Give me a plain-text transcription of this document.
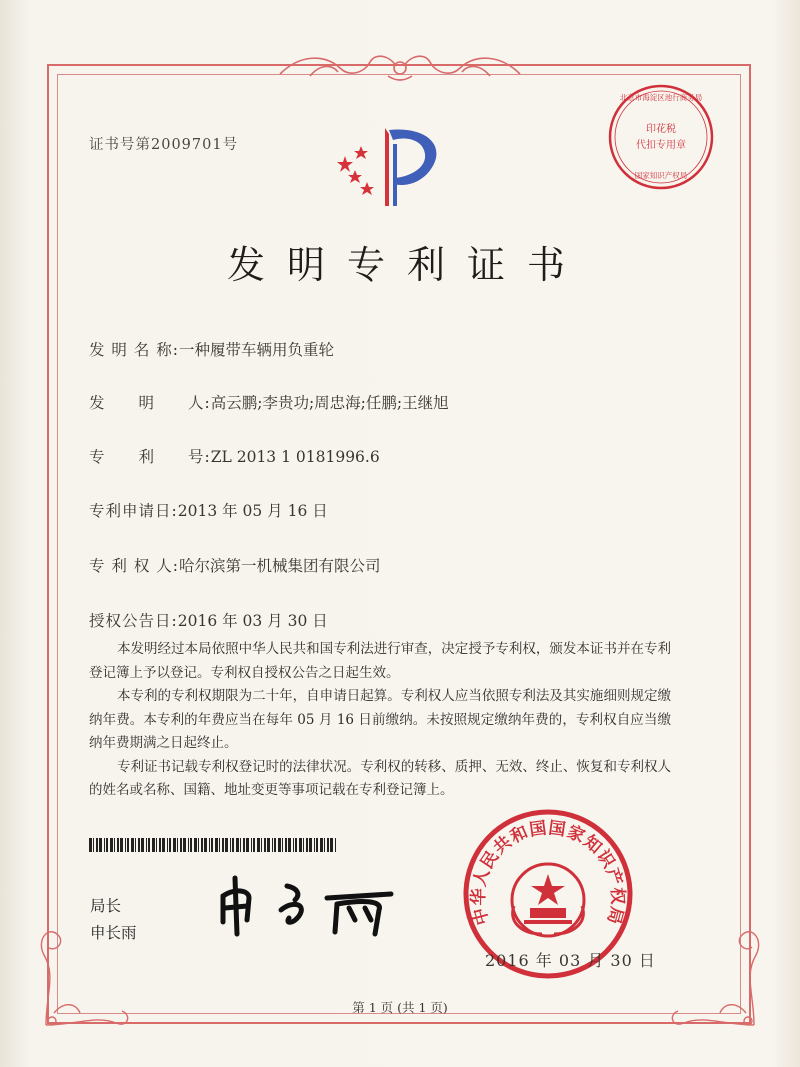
证书号第2009701号
发明专利证书
发 明 名 称:一种履带车辆用负重轮
发　　明　　人:高云鹏;李贵功;周忠海;任鹏;王继旭
专　　利　　号:ZL 2013 1 0181996.6
专利申请日:2013 年 05 月 16 日
专 利 权 人:哈尔滨第一机械集团有限公司
授权公告日:2016 年 03 月 30 日

本发明经过本局依照中华人民共和国专利法进行审查，决定授予专利权，颁发本证书并在专利登记簿上予以登记。专利权自授权公告之日起生效。

本专利的专利权期限为二十年，自申请日起算。专利权人应当依照专利法及其实施细则规定缴纳年费。本专利的年费应当在每年 05 月 16 日前缴纳。未按照规定缴纳年费的，专利权自应当缴纳年费期满之日起终止。

专利证书记载专利权登记时的法律状况。专利权的转移、质押、无效、终止、恢复和专利权人的姓名或名称、国籍、地址变更等事项记载在专利登记簿上。

局长
申长雨
印花税
代扣专用章
北京市海淀区池行商务局
国家知识产权局
中华人民共和国国家知识产权局
2016 年 03 月 30 日
第 1 页 (共 1 页)
